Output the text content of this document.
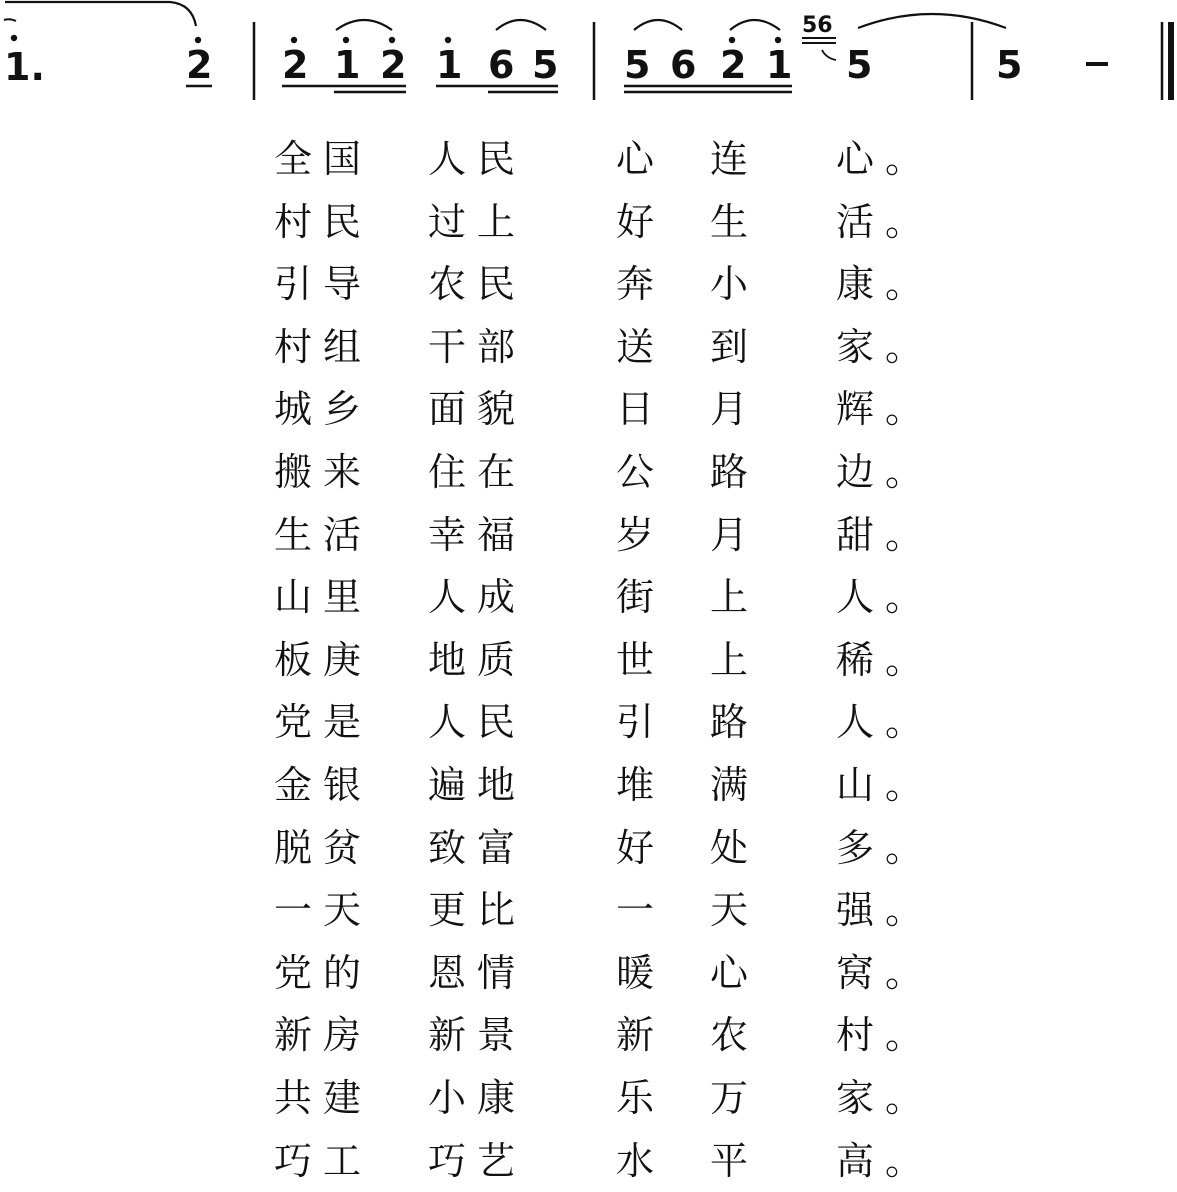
1.	2 2 1 2 1 6 5 5 6 2 1
56
5	5
全国 人民 心 连 心。
村民 过上 好 生 活。
引导 农民 奔 小 康。
村组 干部 送 到 家。
城乡 面貌 日 月 辉。
搬来 住在 公 路 边。
生活 幸福 岁 月 甜。
山里 人成 街 上 人。
板庚 地质 世 上 稀。
党是 人民 引 路 人。
金银 遍地 堆 满 山。
脱贫 致富 好 处 多。
一天 更比 一 天 强。
党的 恩情 暖 心 窝。
新房 新景 新 农 村。
共建 小康 乐 万 家。
巧工 巧艺 水 平 高。
